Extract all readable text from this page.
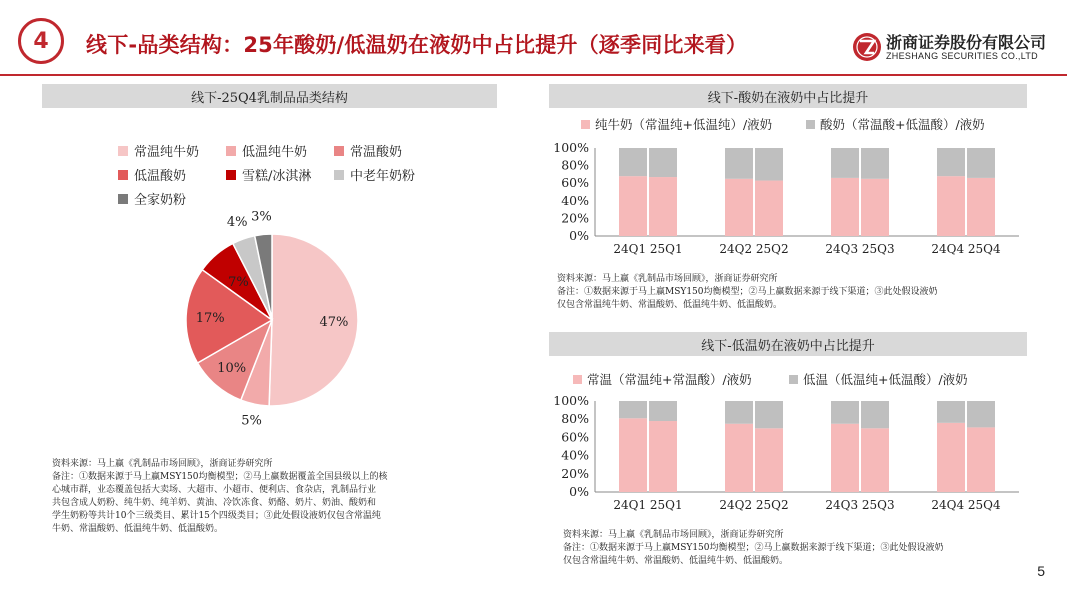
4 线下-品类结构：25年酸奶/低温奶在液奶中占比提升（逐季同比来看）	浙商证券股份有限公司
ZHESHANG SECURITIES CO.,LTD
线下-25Q4乳制品品类结构
常温纯牛奶	低温纯牛奶	常温酸奶
低温酸奶	雪糕/冰淇淋	中老年奶粉
全家奶粉
47%
5%
10%
17%
7%
4% 3%
资料来源：马上赢《乳制品市场回顾》，浙商证券研究所
备注：①数据来源于马上赢MSY150均衡模型；②马上赢数据覆盖全国县级以上的核
心城市群，业态覆盖包括大卖场、大超市、小超市、便利店、食杂店，乳制品行业
共包含成人奶粉、纯牛奶、纯羊奶、黄油、冷饮冻食、奶酪、奶片、奶油、酸奶和
学生奶粉等共计10个三级类目、累计15个四级类目；③此处假设液奶仅包含常温纯
牛奶、常温酸奶、低温纯牛奶、低温酸奶。
线下-酸奶在液奶中占比提升
纯牛奶（常温纯+低温纯）/液奶	酸奶（常温酸+低温酸）/液奶
0%
20%
40%
60%
80%
100%
24Q1 25Q1	24Q2 25Q2	24Q3 25Q3	24Q4 25Q4
资料来源：马上赢《乳制品市场回顾》，浙商证券研究所
备注：①数据来源于马上赢MSY150均衡模型；②马上赢数据来源于线下渠道；③此处假设液奶
仅包含常温纯牛奶、常温酸奶、低温纯牛奶、低温酸奶。
线下-低温奶在液奶中占比提升
常温（常温纯+常温酸）/液奶	低温（低温纯+低温酸）/液奶
0%
20%
40%
60%
80%
100%
24Q1 25Q1	24Q2 25Q2	24Q3 25Q3	24Q4 25Q4
资料来源：马上赢《乳制品市场回顾》，浙商证券研究所
备注：①数据来源于马上赢MSY150均衡模型；②马上赢数据来源于线下渠道；③此处假设液奶
仅包含常温纯牛奶、常温酸奶、低温纯牛奶、低温酸奶。
5
